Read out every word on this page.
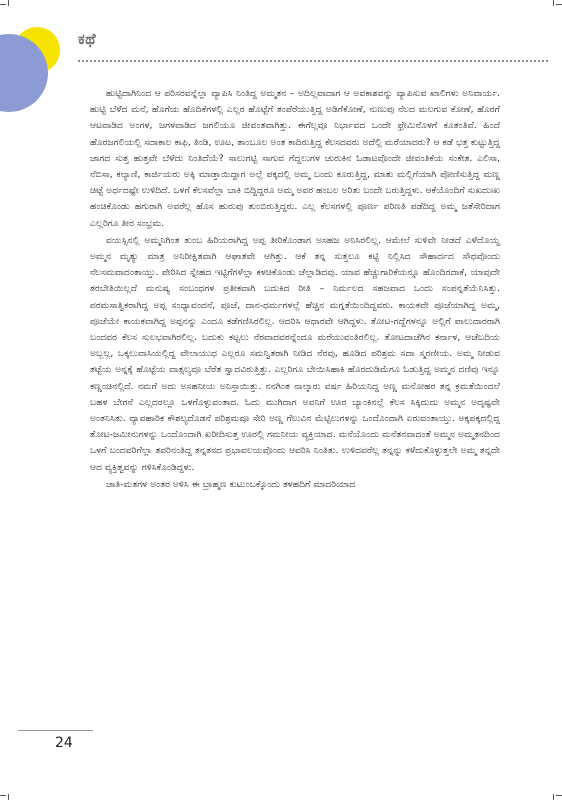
ಕಥೆ

ಹುಟ್ಟಿದಾಗಿನಿಂದ ಆ ಪರಿಸರವನ್ನೆಲ್ಲಾ ವ್ಯಾಪಿಸಿ ನಿಂತಿದ್ದ ಅಮ್ಮತನ – ಅದಿಲ್ಲವಾದಾಗ ಆ ಅವಕಾಶವನ್ನು ವ್ಯಾಪಿಸುವ ಖಾಲಿಗಳು ಅನಿವಾರ್ಯ. ಹುಟ್ಟಿ ಬೆಳೆದ ಮನೆ, ಹೊಗೆಯ ಹೊದಿಕೆಗಳಲ್ಲಿ ಎಲ್ಲರ ಹೊಟ್ಟೆಗೆ ತಂಪೆರೆಯುತ್ತಿದ್ದ ಅಡಿಗೆಕೋಣೆ, ನುಣುಪು ನೆಲದ ಮಲಗುವ ಕೋಣೆ, ಹೊರಗೆ ಆಟವಾಡಿದ ಅಂಗಳ, ಜಗಳವಾಡಿದ ಜಗಲಿಯೂ ಜೀವಂತವಾಗಿತ್ತು. ಈಗೆಲ್ಲವೂ ನಿರ್ಭಾವದ ಒಂದೇ ಫ್ರೇಮಿನೊಳಗೆ ಕೂತಂತಿವೆ. ಹಿಂದೆ ಹೊರಜಗಲಿಯಲ್ಲಿ ಸದಾಕಾಲ ಕಾಫಿ, ತಿಂಡಿ, ಊಟ, ತಾಂಬೂಲ ಅಂತ ಕಾದಿರುತ್ತಿದ್ದ ಕೆಲಸದವರು ಅದೆಲ್ಲಿ ಮರೆಯಾದರು? ಆ ಕಡೆ ಭತ್ತ ಕುಟ್ಟುತ್ತಿದ್ದ ಜಾಗದ ಸುತ್ತ ಹುತ್ತವೇ ಬೆಳೆದು ನಿಂತಿದೆಯೆ? ಸಾಲುಗಟ್ಟಿ ಸಾಗುವ ಗೆದ್ದಲುಗಳ ಚುರುಕಿನ ಓಡಾಟವೊಂದೇ ಜೀವಂತಿಕೆಯ ಸಂಕೇತ. ಎಲಿಸಾ, ನೆಬಿಸಾ, ಕಲ್ಯಾಣಿ, ಕಾರ್ಜಿಯರು ಅಕ್ಕಿ ಮಾಡ್ತಾಯಿದ್ದಾಗ ಅಲ್ಲೆ ಪಕ್ಕದಲ್ಲಿ ಅಮ್ಮ ಬಂದು ಕೂರುತ್ತಿದ್ದ, ಮಾತು ಮಲ್ಲಿಗೆಯಾಗಿ ಪೋಣಿಸುತ್ತಿದ್ದ ಮಣ್ಣ ಚಿಟ್ಟೆ ಅರ್ಧದಷ್ಟೇ ಉಳಿದಿದೆ. ಒಳಗೆ ಕೆಲಸವೆಲ್ಲಾ ಬಾಕಿ ಬಿದ್ದಿದ್ದರೂ ಅಮ್ಮ ಅವರ ಹಂಬಲ ಅರಿತು ಬಂದೇ ಬರುತ್ತಿದ್ದಳು. ಆಕೆಯೊಂದಿಗೆ ಸುಖದುಃಖ ಹಂಚಿಕೊಂಡು ಹಗುರಾಗಿ ಅವರೆಲ್ಲ ಹೊಸ ಹುರುಪು ತುಂಬಿರುತ್ತಿದ್ದರು. ಎಲ್ಲ ಕೆಲಸಗಳಲ್ಲಿ ಪೂರ್ಣ ಪರಿಣತಿ ಪಡೆದಿದ್ದ ಅಮ್ಮ ಜತೆಸೇರಿದಾಗ ಎಲ್ಲರಿಗೂ ತೀರ ಸಂಭ್ರಮ.

ವಯಸ್ಸಿನಲ್ಲಿ ಅಮ್ಮನಿಗಿಂತ ತುಂಬ ಹಿರಿಯರಾಗಿದ್ದ ಅಪ್ಪ ತೀರಿಕೊಂಡಾಗ ಅಸಹಜ ಅನಿಸಿರಲಿಲ್ಲ. ಆಮೇಲೆ ಸುಳಿವೇ ನೀಡದೆ ಎಳೆದೊಯ್ದ ಅಮ್ಮನ ಮೃತ್ಯು ಮಾತ್ರ ಅನಿರೀಕ್ಷಿತವಾಗಿ ಆಘಾತವೇ ಆಗಿತ್ತು. ಆಕೆ ತನ್ನ ಸುತ್ತಲೂ ಕಟ್ಟಿ ನಿಲ್ಲಿಸಿದ ಸೌಹಾರ್ದದ ಸೌಧವೊಂದು ನೆಲಸಮವಾದಂತಾಯ್ತು. ಪೇರಿಸಿದ ಸ್ನೇಹದ ಇಟ್ಟಿಗೆಗಳೆಲ್ಲಾ ಕಳಚಿಕೊಂಡು ಚೆಲ್ಲಾಡಿದವು. ಯಾವ ಹೆಚ್ಚುಗಾರಿಕೆಯನ್ನೂ ಹೊಂದಿರದಾಕೆ, ಯಾವುದೇ ತರಬೇತಿಯಿಲ್ಲದೆ ಮನುಷ್ಯ ಸಂಬಂಧಗಳ ಪ್ರತೀಕವಾಗಿ ಬದುಕಿದ ರೀತಿ – ನಿರ್ಮಲದ ಸಹಜವಾದ ಒಂದು ಸಂಪನ್ನತೆಯೆನಿಸಿತ್ತು. ಪರಮಸಾತ್ವಿಕರಾಗಿದ್ದ ಅಪ್ಪ ಸಂಧ್ಯಾವಂದನೆ, ಪೂಜೆ, ದಾನ-ಧರ್ಮಗಳಲ್ಲೆ ಹೆಚ್ಚಿನ ಮಗ್ನತೆಯಿಂದಿದ್ದವರು. ಕಾಯಕವೇ ಪೂಜೆಯಾಗಿದ್ದ ಅಮ್ಮ, ಪೂಜೆಯೇ ಕಾಯಕವಾಗಿದ್ದ ಅಪ್ಪನನ್ನು ಎಂದೂ ಕಡೆಗಣಿಸಿರಲಿಲ್ಲ. ಆದರಿಸಿ ಆಧಾರವೇ ಆಗಿದ್ದಳು. ತೋಟ-ಗದ್ದೆಗಳನ್ನೂ ಅಲ್ಲಿಗೆ ಪಾಲುದಾರರಾಗಿ ಬಂದವರ ಕೆಲಸ ಸುಲಭವಾಗಿರಲಿಲ್ಲ. ಬದುಕು ಕಟ್ಟಲು ನೆರವಾದವರನ್ನೆಂದೂ ಮರೆಯುವಂತಿರಲಿಲ್ಲ. ತೋಟದಾಚೆಗಿನ ಕರ್ನಾಳ, ಆಚೆಬದಿಯ ಅಬ್ಬಲ್ಲ, ಒಕ್ಕಲುವಾಸಿಯಲ್ಲಿದ್ದ ವೇಲಾಯುಧ ಎಲ್ಲರೂ ಸಮನ್ವಿತರಾಗಿ ನೀಡಿದ ನೆರವು, ಹೂಡಿದ ಪರಿಶ್ರಮ ಸದಾ ಸ್ಮರಣೀಯ. ಅಮ್ಮ ನೀಡುವ ತಟ್ಟೆಯ ಅನ್ನಕ್ಕೆ ಹೊಟ್ಟೆಯ ವಾತ್ಸಲ್ಯವೂ ಬೆರೆತ ಸ್ವಾದವಿರುತ್ತಿತ್ತು. ಎಲ್ಲರಿಗೂ ಬೇಯಿಸಿಹಾಕಿ ಹೊರದುಡಿಮೆಗೂ ಓಡುತ್ತಿದ್ದ ಅಮ್ಮನ ದಣಿವು ಇನ್ನೂ ಕಣ್ಣಂಚಿನಲ್ಲಿದೆ. ನಮಗೆ ಅದು ಅಸಹನೀಯ ಅನಿಸ್ತಾಯಿತ್ತು. ನನಗಿಂತ ನಾಲ್ಕಾರು ವರ್ಷ ಹಿರಿಯನಿದ್ದ ಅಣ್ಣ ಮನೋಹರ ತನ್ನ ಕ್ರಮತೆಯಿಂದಲೆ ಬಹಳ ಬೇಗನೆ ಎಲ್ಲದರಲ್ಲೂ ಒಳಗೊಳ್ಳುವಂತಾದ. ಓದು ಮುಗಿದಾಗ ಅವನಿಗೆ ಊರ ಬ್ಯಾಂಕಿನಲ್ಲೆ ಕೆಲಸ ಸಿಕ್ಕಿದುದು ಅಮ್ಮನ ಅದೃಷ್ಟವೇ ಅಂತನಿಸಿತು. ವ್ಯಾವಹಾರಿಕ ಕೌಶಲ್ಯದೊಡನೆ ಪರಿಶ್ರಮವೂ ಸೇರಿ ಅಣ್ಣ ಗೆಲುವಿನ ಮೆಟ್ಟಿಲುಗಳನ್ನು ಒಂದೊಂದಾಗಿ ಏರುವಂತಾಯ್ತು. ಅಕ್ಕಪಕ್ಕದಲ್ಲಿದ್ದ ತೋಟ-ಜಮೀನುಗಳನ್ನು ಒಂದೊಂದಾಗಿ ಖರೀದಿಸುತ್ತ ಊರಲ್ಲಿ ಗಮನೀಯ ವ್ಯಕ್ತಿಯಾದ. ಮನೆಯೊಂದು ಮನೆತನವಾದಂತೆ ಅಮ್ಮನ ಅಮ್ಮತನದಿಂದ ಒಳಗೆ ಬಂದವರಿಗೆಲ್ಲಾ ತವರಿನಂತಿದ್ದ ತನ್ನತನದ ಪ್ರಭಾವಲಯವೊಂದು ಆವರಿಸಿ ನಿಂತಿತು. ಉಳಿದವರೆಲ್ಲ ತನ್ನನ್ನು ಕಳೆದುಕೊಳ್ಳುತ್ತಲೇ ಅಮ್ಮ ತನ್ನದೇ ಆದ ವ್ಯಕ್ತಿತ್ವವನ್ನು ಗಳಿಸಿಕೊಂಡಿದ್ದಳು.

ಜಾತಿ-ಮತಗಳ ಅಂತರ ಅಳಿಸಿ ಈ ಬ್ರಾಹ್ಮಣ ಕುಟುಂಬಕ್ಕೊಂದು ತಳಹದಿಗೆ ಮಾದರಿಯಾದ

24
